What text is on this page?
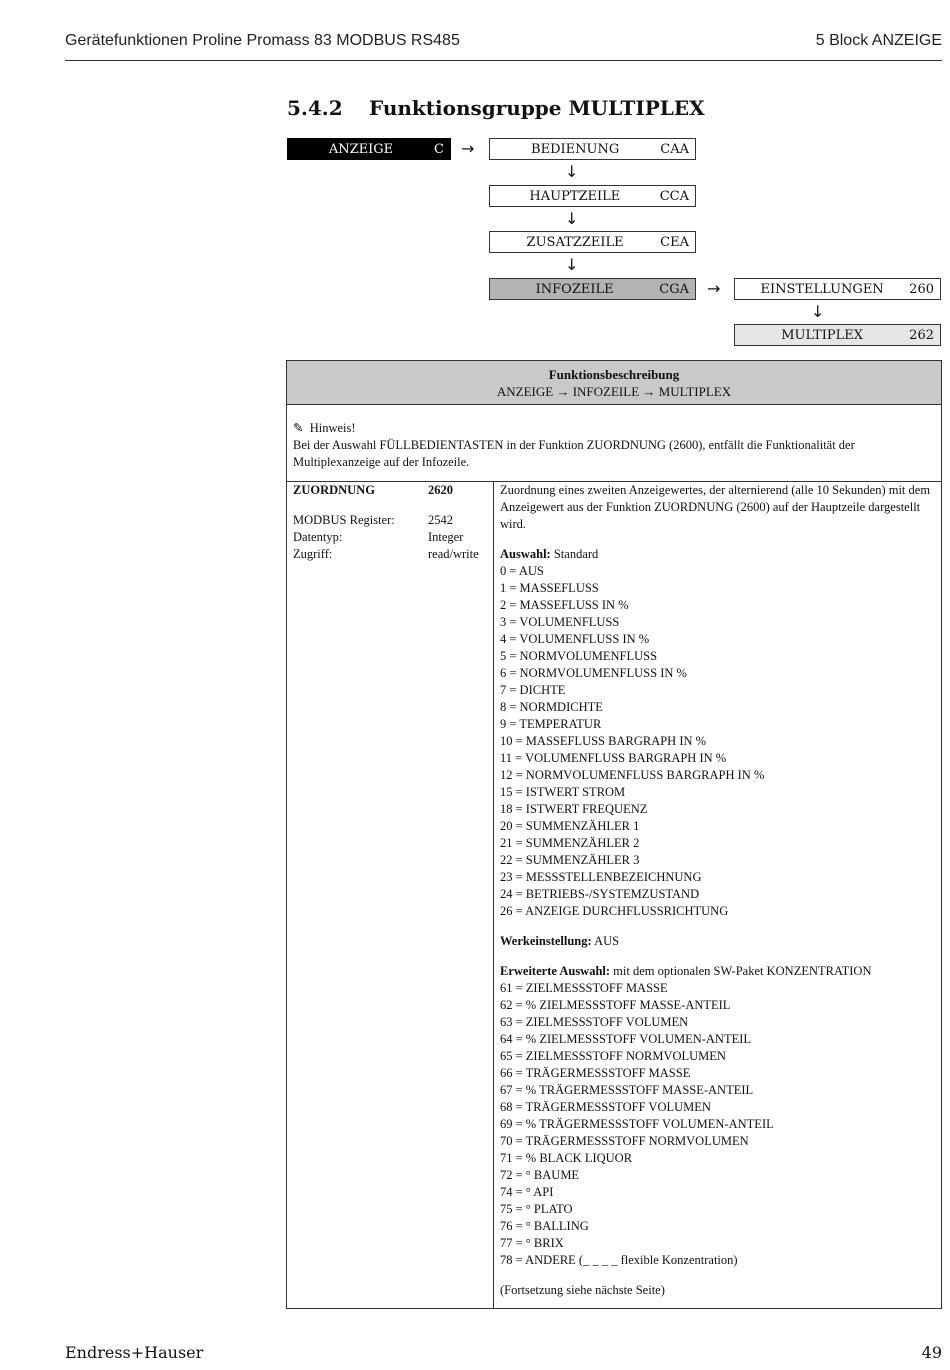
Gerätefunktionen Proline Promass 83 MODBUS RS485	5 Block ANZEIGE
5.4.2 Funktionsgruppe MULTIPLEX
ANZEIGE	C	→	BEDIENUNG	CAA
↓
HAUPTZEILE	CCA
↓
ZUSATZZEILE	CEA
↓
INFOZEILE	CGA	→	EINSTELLUNGEN	260
↓
MULTIPLEX	262
Funktionsbeschreibung
ANZEIGE → INFOZEILE → MULTIPLEX
✎ Hinweis!
Bei der Auswahl FÜLLBEDIENTASTEN in der Funktion ZUORDNUNG (2600), entfällt die Funktionalität der Multiplexanzeige auf der Infozeile.
ZUORDNUNG	2620
MODBUS Register:	2542
Datentyp:	Integer
Zugriff:	read/write

Zuordnung eines zweiten Anzeigewertes, der alternierend (alle 10 Sekunden) mit dem Anzeigewert aus der Funktion ZUORDNUNG (2600) auf der Hauptzeile dargestellt wird.

Auswahl: Standard

0 = AUS

1 = MASSEFLUSS

2 = MASSEFLUSS IN %

3 = VOLUMENFLUSS

4 = VOLUMENFLUSS IN %

5 = NORMVOLUMENFLUSS

6 = NORMVOLUMENFLUSS IN %

7 = DICHTE

8 = NORMDICHTE

9 = TEMPERATUR

10 = MASSEFLUSS BARGRAPH IN %

11 = VOLUMENFLUSS BARGRAPH IN %

12 = NORMVOLUMENFLUSS BARGRAPH IN %

15 = ISTWERT STROM

18 = ISTWERT FREQUENZ

20 = SUMMENZÄHLER 1

21 = SUMMENZÄHLER 2

22 = SUMMENZÄHLER 3

23 = MESSSTELLENBEZEICHNUNG

24 = BETRIEBS-/SYSTEMZUSTAND

26 = ANZEIGE DURCHFLUSSRICHTUNG

Werkeinstellung: AUS

Erweiterte Auswahl: mit dem optionalen SW-Paket KONZENTRATION

61 = ZIELMESSSTOFF MASSE

62 = % ZIELMESSSTOFF MASSE-ANTEIL

63 = ZIELMESSSTOFF VOLUMEN

64 = % ZIELMESSSTOFF VOLUMEN-ANTEIL

65 = ZIELMESSSTOFF NORMVOLUMEN

66 = TRÄGERMESSSTOFF MASSE

67 = % TRÄGERMESSSTOFF MASSE-ANTEIL

68 = TRÄGERMESSSTOFF VOLUMEN

69 = % TRÄGERMESSSTOFF VOLUMEN-ANTEIL

70 = TRÄGERMESSSTOFF NORMVOLUMEN

71 = % BLACK LIQUOR

72 = ° BAUME

74 = ° API

75 = ° PLATO

76 = ° BALLING

77 = ° BRIX

78 = ANDERE (_ _ _ _ flexible Konzentration)

(Fortsetzung siehe nächste Seite)

Endress+Hauser	49
